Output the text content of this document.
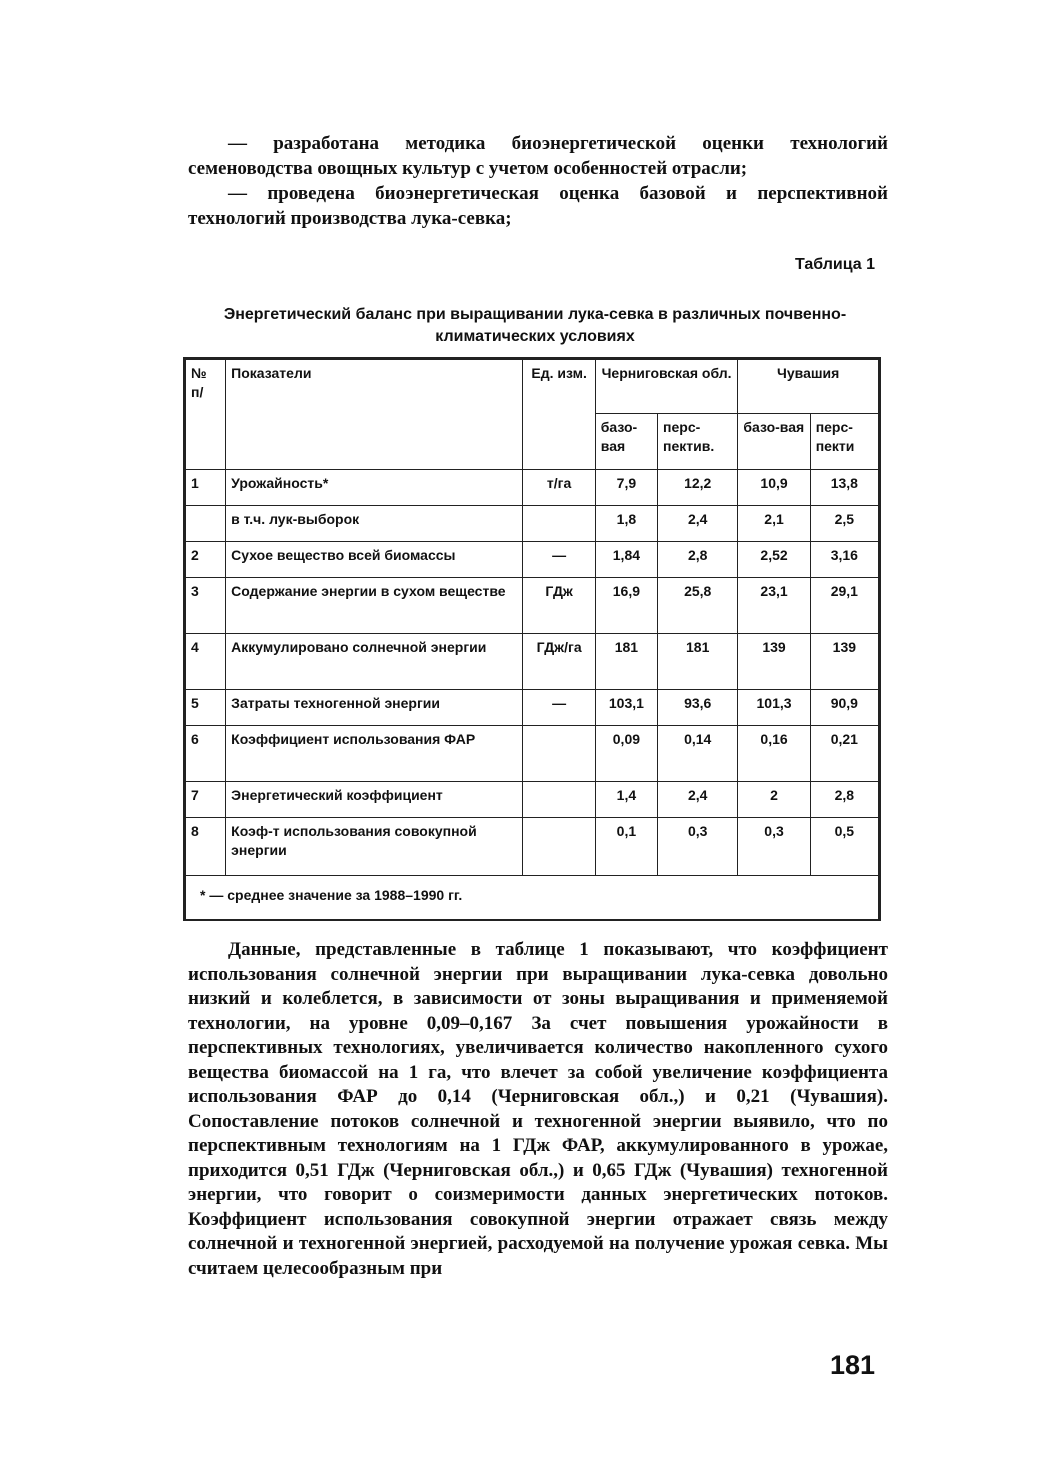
— разработана методика биоэнергетической оценки технологий семеноводства овощных культур с учетом особенностей отрасли;

— проведена биоэнергетическая оценка базовой и перспективной технологий производства лука-севка;

Таблица 1
Энергетический баланс при выращивании лука-севка в различных почвенно-климатических условиях
№ п/	Показатели	Ед. изм.	Черниговская обл.		Чувашия	
			базо-вая	перс-пектив.	базо-вая	перс-пекти
1	Урожайность*	т/га	7,9	12,2	10,9	13,8
	в т.ч. лук-выборок		1,8	2,4	2,1	2,5
2	Сухое вещество всей биомассы	—	1,84	2,8	2,52	3,16
3	Содержание энергии в сухом веществе	ГДж	16,9	25,8	23,1	29,1
4	Аккумулировано солнечной энергии	ГДж/га	181	181	139	139
5	Затраты техногенной энергии	—	103,1	93,6	101,3	90,9
6	Коэффициент использования ФАР		0,09	0,14	0,16	0,21
7	Энергетический коэффициент		1,4	2,4	2	2,8
8	Коэф-т использования совокупной энергии		0,1	0,3	0,3	0,5
* — среднее значение за 1988–1990 гг.						

Данные, представленные в таблице 1 показывают, что коэффициент использования солнечной энергии при выращивании лука-севка довольно низкий и колеблется, в зависимости от зоны выращивания и применяемой технологии, на уровне 0,09–0,167 За счет повышения урожайности в перспективных технологиях, увеличивается количество накопленного сухого вещества биомассой на 1 га, что влечет за собой увеличение коэффициента использования ФАР до 0,14 (Черниговская обл.,) и 0,21 (Чувашия). Сопоставление потоков солнечной и техногенной энергии выявило, что по перспективным технологиям на 1 ГДж ФАР, аккумулированного в урожае, приходится 0,51 ГДж (Черниговская обл.,) и 0,65 ГДж (Чувашия) техногенной энергии, что говорит о соизмеримости данных энергетических потоков. Коэффициент использования совокупной энергии отражает связь между солнечной и техногенной энергией, расходуемой на получение урожая севка. Мы считаем целесообразным при

181
